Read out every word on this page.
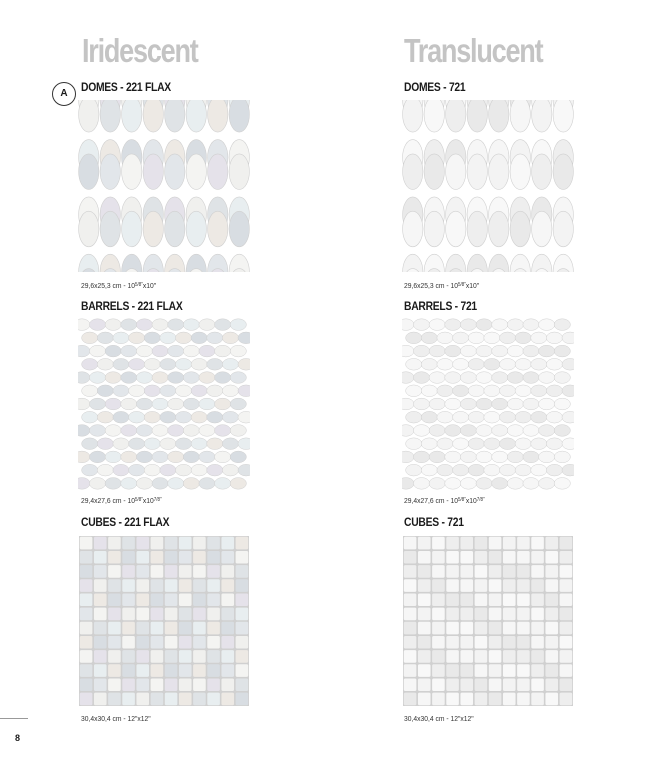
Iridescent	Translucent
A	DOMES - 221 FLAX	DOMES - 721
29,6x25,3 cm - $10^{5/8"}x10$"	29,6x25,3 cm - $10^{5/8"}x10$"
BARRELS - 221 FLAX	BARRELS - 721
29,4x27,6 cm - $10^{5/8"}x10^{7/8"}$	29,4x27,6 cm - $10^{5/8"}x10^{7/8"}$
CUBES - 221 FLAX	CUBES - 721
30,4x30,4 cm - 12"x12"	30,4x30,4 cm - 12"x12"
8
